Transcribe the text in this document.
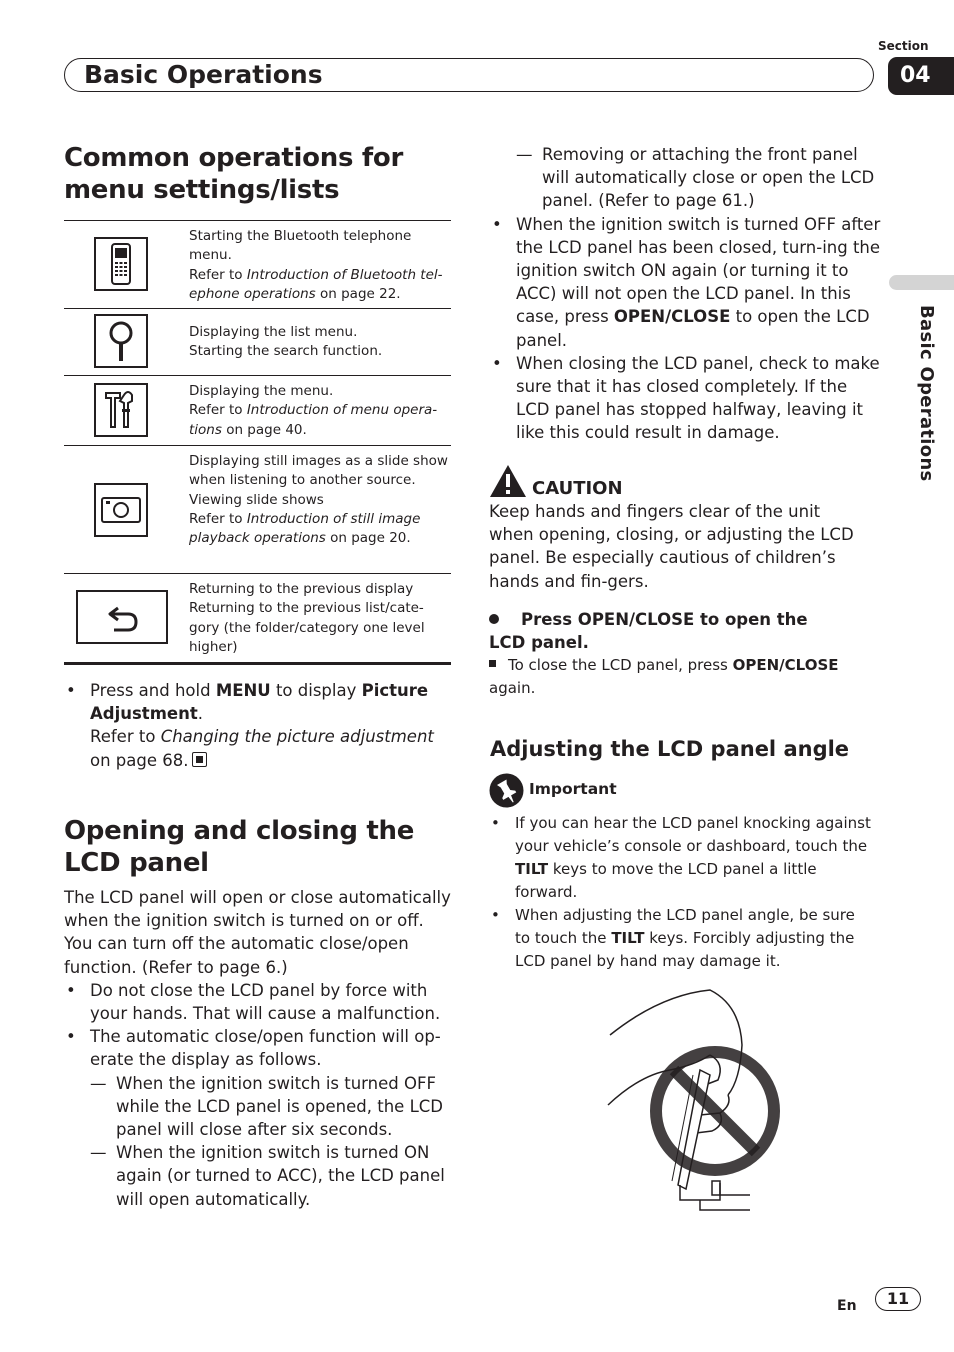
Section
04
Basic Operations
Basic Operations
Common operations for menu settings/lists
Starting the Bluetooth telephone menu.
Refer to Introduction of Bluetooth tel-ephone operations on page 22.
Displaying the list menu.
Starting the search function.
Displaying the menu.
Refer to Introduction of menu opera-tions on page 40.
Displaying still images as a slide show when listening to another source.
Viewing slide shows
Refer to Introduction of still image playback operations on page 20.
Returning to the previous display
Returning to the previous list/cate-gory (the folder/category one level higher)
• Press and hold MENU to display Picture Adjustment.
Refer to Changing the picture adjustment on page 68.
Opening and closing the LCD panel
The LCD panel will open or close automatically when the ignition switch is turned on or off. You can turn off the automatic close/open function. (Refer to page 6.)
• Do not close the LCD panel by force with your hands. That will cause a malfunction.
• The automatic close/open function will op-erate the display as follows.
— When the ignition switch is turned OFF while the LCD panel is opened, the LCD panel will close after six seconds.
— When the ignition switch is turned ON again (or turned to ACC), the LCD panel will open automatically.
— Removing or attaching the front panel will automatically close or open the LCD panel. (Refer to page 61.)
• When the ignition switch is turned OFF after the LCD panel has been closed, turn-ing the ignition switch ON again (or turning it to ACC) will not open the LCD panel. In this case, press OPEN/CLOSE to open the LCD panel.
• When closing the LCD panel, check to make sure that it has closed completely. If the LCD panel has stopped halfway, leaving it like this could result in damage.
CAUTION
Keep hands and fingers clear of the unit when opening, closing, or adjusting the LCD panel. Be especially cautious of children’s hands and fin-gers.
Press OPEN/CLOSE to open the LCD panel.
To close the LCD panel, press OPEN/CLOSE again.
Adjusting the LCD panel angle
Important
• If you can hear the LCD panel knocking against your vehicle’s console or dashboard, touch the TILT keys to move the LCD panel a little forward.
• When adjusting the LCD panel angle, be sure to touch the TILT keys. Forcibly adjusting the LCD panel by hand may damage it.
En	11
